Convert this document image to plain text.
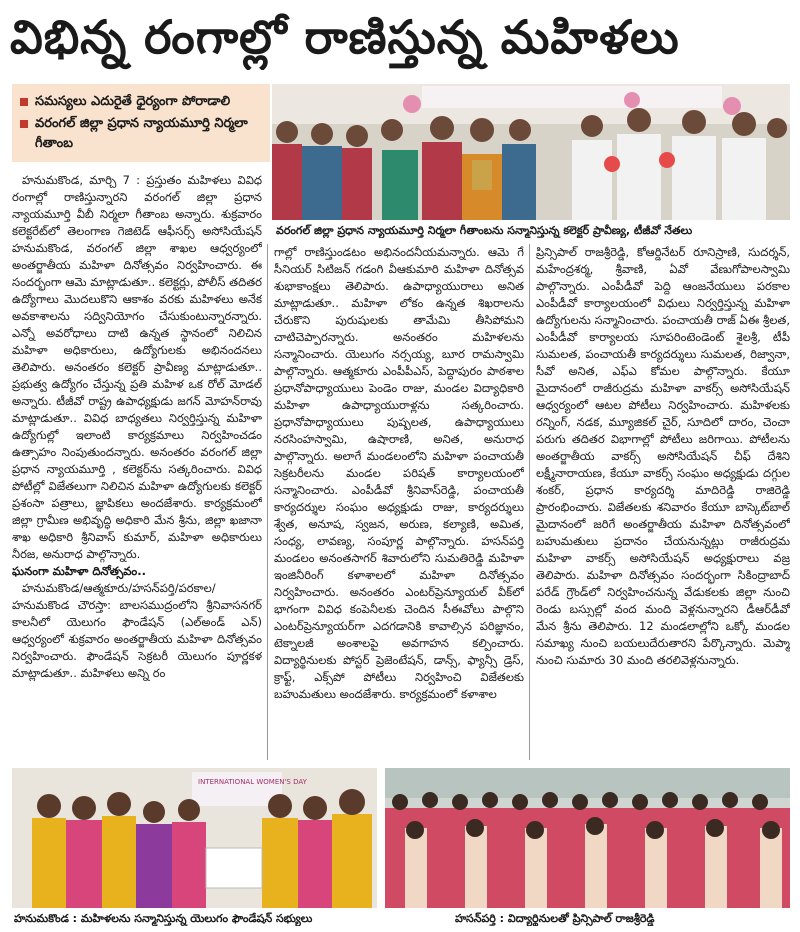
విభిన్న రంగాల్లో రాణిస్తున్న మహిళలు
సమస్యలు ఎదురైతే ధైర్యంగా పోరాడాలి
వరంగల్ జిల్లా ప్రధాన న్యాయమూర్తి నిర్మలా గీతాంబ
వరంగల్ జిల్లా ప్రధాన న్యాయమూర్తి నిర్మలా గీతాంబను సన్మానిస్తున్న కలెక్టర్ ప్రావీణ్య, టీజీవో నేతలు

హనుమకొండ, మార్చి 7 : ప్రస్తుతం మహిళలు వివిధ రంగాల్లో రాణిస్తున్నారని వరంగల్ జిల్లా ప్రధాన న్యాయమూర్తి వీబీ నిర్మలా గీతాంబ అన్నారు. శుక్రవారం కలెక్టరేట్‌లో తెలంగాణ గెజిటెడ్ ఆఫీసర్స్ అసోసియేషన్ హనుమకొండ, వరంగల్ జిల్లా శాఖల ఆధ్వర్యంలో అంతర్జాతీయ మహిళా దినోత్సవం నిర్వహించారు. ఈ సందర్భంగా ఆమె మాట్లాడుతూ.. కలెక్టర్లు, పోలీస్ తదితర ఉద్యోగాలు మొదలుకొని ఆకాశం వరకు మహిళలు అనేక అవకాశాలను సద్వినియోగం చేసుకుంటున్నారన్నారు. ఎన్నో అవరోధాలు దాటి ఉన్నత స్థానంలో నిలిచిన మహిళా అధికారులు, ఉద్యోగులకు అభినందనలు తెలిపారు. అనంతరం కలెక్టర్ ప్రావీణ్య మాట్లాడుతూ.. ప్రభుత్వ ఉద్యోగం చేస్తున్న ప్రతి మహిళ ఒక రోల్ మోడల్ అన్నారు. టీజీవో రాష్ట్ర ఉపాధ్యక్షుడు జగన్ మోహన్‌రావు మాట్లాడుతూ.. వివిధ బాధ్యతలు నిర్వర్తిస్తున్న మహిళా ఉద్యోగుల్లో ఇలాంటి కార్యక్రమాలు నిర్వహించడం ఉత్సాహం నింపుతుందన్నారు. అనంతరం వరంగల్ జిల్లా ప్రధాన న్యాయమూర్తి , కలెక్టర్‌ను సత్కరించారు. వివిధ పోటీల్లో విజేతలుగా నిలిచిన మహిళా ఉద్యోగులకు కలెక్టర్ ప్రశంసా పత్రాలు, జ్ఞాపికలు అందజేశారు. కార్యక్రమంలో జిల్లా గ్రామీణ అభివృద్ధి అధికారి మేన శ్రీను, జిల్లా ఖజానా శాఖ అధికారి శ్రీనివాస్ కుమార్, మహిళా అధికారులు నీరజ, అనురాధ పాల్గొన్నారు.

ఘనంగా మహిళా దినోత్సవం..

హనుమకొండ/ఆత్మకూరు/హసన్‌పర్తి/పరకాల/హనుమకొండ చౌరస్తా: బాలసముద్రంలోని శ్రీనివాసనగర్ కాలనీలో యెలుగం ఫౌండేషన్ (ఎల్‌అండ్ ఎన్) ఆధ్వర్యంలో శుక్రవారం అంతర్జాతీయ మహిళా దినోత్సవం నిర్వహించారు. ఫౌండేషన్ సెక్రటరీ యెలుగం పూర్ణకళ మాట్లాడుతూ.. మహిళలు అన్ని రం

గాల్లో రాణిస్తుండటం అభినందనీయమన్నారు. ఆమె గే సీనియర్ సిటిజన్ గడంగి వీఆకుమారి మహిళా దినోత్సవ శుభాకాంక్షలు తెలిపారు. ఉపాధ్యాయురాలు అనిత మాట్లాడుతూ.. మహిళా లోకం ఉన్నత శిఖరాలను చేరుకొని పురుషులకు తామేమి తీసిపోమని చాటిచెప్పారన్నారు. అనంతరం మహిళలను సన్మానించారు. యెలుగం నర్సయ్య, బూర రామస్వామి పాల్గొన్నారు. ఆత్మకూరు ఎంపీపీఎస్, పెద్దాపురం పాఠశాల ప్రధానోపాధ్యాయులు పెండెం రాజు, మండల విద్యాధికారి మహిళా ఉపాధ్యాయురాళ్లను సత్కరించారు. ప్రధానోపాధ్యాయులు పుష్పలత, ఉపాధ్యాయులు నరసింహస్వామి, ఉషారాణి, అనిత, అనురాధ పాల్గొన్నారు. అలాగే మండలంలోని మహిళా పంచాయతీ సెక్రటరీలను మండల పరిషత్ కార్యాలయంలో సన్మానించారు. ఎంపీడీవో శ్రీనివాస్‌రెడ్డి, పంచాయతీ కార్యదర్శుల సంఘం అధ్యక్షుడు రాజు, కార్యదర్శులు శ్వేత, అనూష, స్వజన, అరుణ, కల్యాణి, అమిత, సంధ్య, లావణ్య, సంపూర్ణ పాల్గొన్నారు. హసన్‌పర్తి మండలం అనంతసాగర్ శివారులోని సుమతిరెడ్డి మహిళా ఇంజినీరింగ్ కళాశాలలో మహిళా దినోత్సవం నిర్వహించారు. అనంతరం ఎంటర్‌ప్రెన్యూయల్ వీక్‌లో భాగంగా వివిధ కంపెనీలకు చెందిన సీఈవోలు పాల్గొని ఎంటర్‌ప్రెన్యూయర్‌గా ఎదగడానికి కావాల్సిన పరిజ్ఞానం, టెక్నాలజీ అంశాలపై అవగాహన కల్పించారు. విద్యార్థినులకు పోస్టర్ ప్రెజెంటేషన్, డాన్స్, ఫ్యాన్సీ డ్రెస్, క్రాఫ్ట్, ఎక్స్‌పో పోటీలు నిర్వహించి విజేతలకు బహుమతులు అందజేశారు. కార్యక్రమంలో కళాశాల

ప్రిన్సిపాల్ రాజశ్రీరెడ్డి, కోఆర్డినేటర్ రూనిస్రాణి, సుదర్శన్, మహేంద్రశర్మ, శ్రీవాణి, ఏవో వేణుగోపాలస్వామి పాల్గొన్నారు. ఎంపీడీవో పెద్ది ఆంజనేయులు పరకాల ఎంపీడీవో కార్యాలయంలో విధులు నిర్వర్తిస్తున్న మహిళా ఉద్యోగులను సన్మానించారు. పంచాయతీ రాజ్ ఏఈ శ్రీలత, ఎంపీడీవో కార్యాలయ సూపరింటెండెంట్ శైలశ్రీ, టీపీ సుమలత, పంచాయతీ కార్యదర్శులు సుమలత, రిజ్వానా, సీవో అనిత, ఎఫ్ఎ కోమల పాల్గొన్నారు. కేయూ మైదానంలో రాజీరుద్రమ మహిళా వాకర్స్ అసోసియేషన్ ఆధ్వర్యంలో ఆటల పోటీలు నిర్వహించారు. మహిళలకు రన్నింగ్, నడక, మ్యూజికల్ చైర్, సూదిలో దారం, చెంచా పరుగు తదితర విభాగాల్లో పోటీలు జరిగాయి. పోటీలను అంతర్జాతీయ వాకర్స్ అసోసియేషన్ చీఫ్ దేశిని లక్ష్మీనారాయణ, కేయూ వాకర్స్ సంఘం అధ్యక్షుడు దగ్గుల శంకర్, ప్రధాన కార్యదర్శి మాదిరెడ్డి రాజిరెడ్డి ప్రారంభించారు. విజేతలకు శనివారం కేయూ బాస్కెట్‌బాల్ మైదానంలో జరిగే అంతర్జాతీయ మహిళా దినోత్సవంలో బహుమతులు ప్రదానం చేయనున్నట్లు రాజీరుద్రమ మహిళా వాకర్స్ అసోసియేషన్ అధ్యక్షురాలు వజ్ర తెలిపారు. మహిళా దినోత్సవం సందర్భంగా సికింద్రాబాద్ పరేడ్ గ్రౌండ్‌లో నిర్వహించనున్న వేడుకలకు జిల్లా నుంచి రెండు బస్సుల్లో వంద మంది వెళ్లనున్నారని డీఆర్‌డీవో మేన శ్రీను తెలిపారు. 12 మండలాల్లోని ఒక్కో మండల సమాఖ్య నుంచి బయలుదేరుతారని పేర్కొన్నారు. మెప్మా నుంచి సుమారు 30 మంది తరలివెళ్లనున్నారు.

INTERNATIONAL WOMEN'S DAY
హనుమకొండ : మహిళలను సన్మానిస్తున్న యెలుగం ఫౌండేషన్ సభ్యులు	హసన్‌పర్తి : విద్యార్థినులతో ప్రిన్సిపాల్ రాజశ్రీరెడ్డి
